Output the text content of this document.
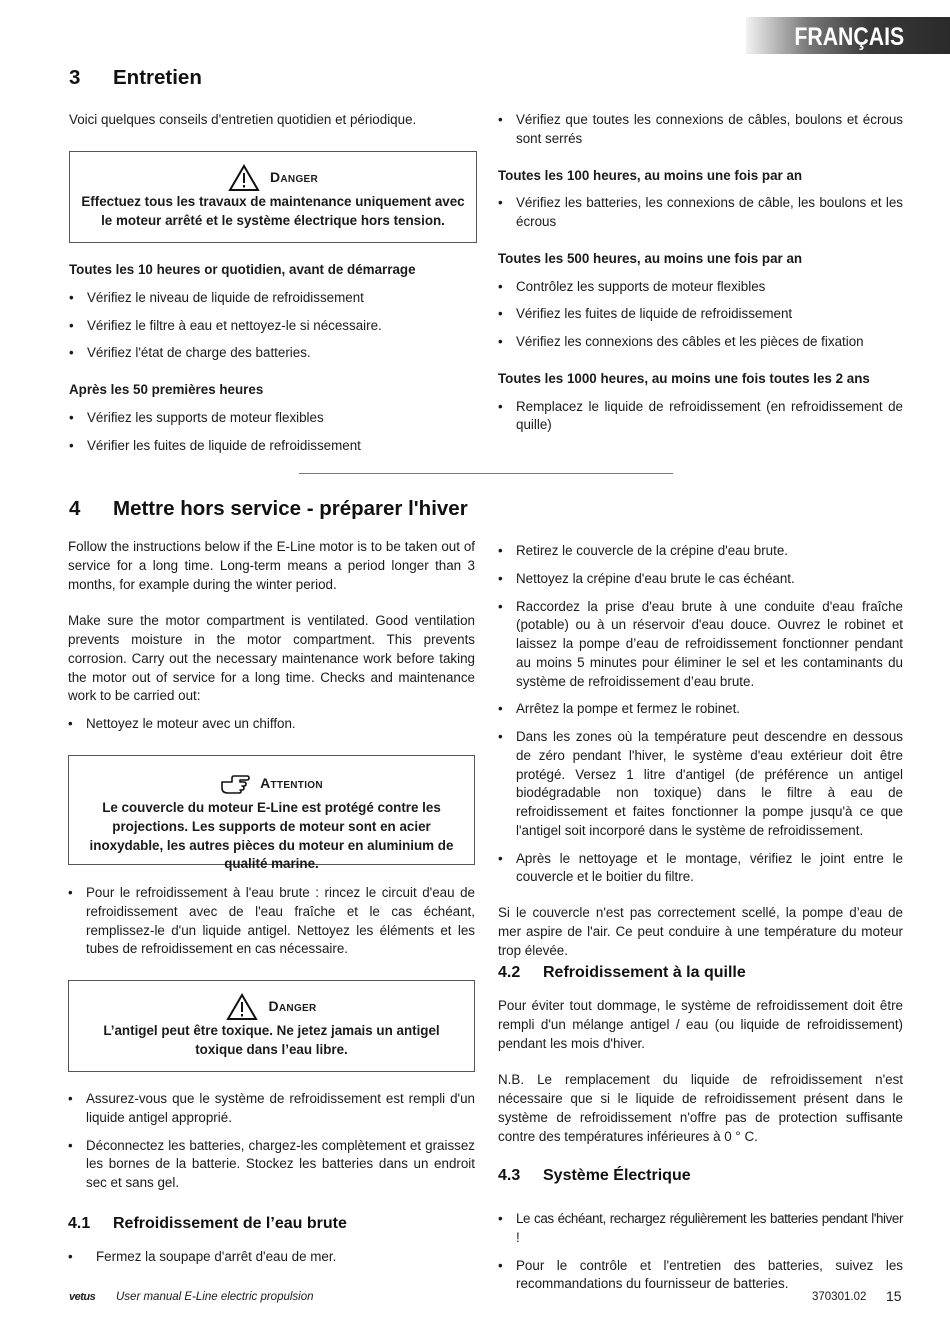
FRANÇAIS
3 Entretien

Voici quelques conseils d'entretien quotidien et périodique.

Danger

Effectuez tous les travaux de maintenance uniquement avec le moteur arrêté et le système électrique hors tension.

Toutes les 10 heures or quotidien, avant de démarrage

• Vérifiez le niveau de liquide de refroidissement
• Vérifiez le filtre à eau et nettoyez-le si nécessaire.
• Vérifiez l'état de charge des batteries.

Après les 50 premières heures

• Vérifiez les supports de moteur flexibles
• Vérifier les fuites de liquide de refroidissement
• Vérifiez que toutes les connexions de câbles, boulons et écrous sont serrés

Toutes les 100 heures, au moins une fois par an

• Vérifiez les batteries, les connexions de câble, les boulons et les écrous

Toutes les 500 heures, au moins une fois par an

• Contrôlez les supports de moteur flexibles
• Vérifiez les fuites de liquide de refroidissement
• Vérifiez les connexions des câbles et les pièces de fixation

Toutes les 1000 heures, au moins une fois toutes les 2 ans

• Remplacez le liquide de refroidissement (en refroidissement de quille)
4 Mettre hors service - préparer l'hiver

Follow the instructions below if the E-Line motor is to be taken out of service for a long time. Long-term means a period longer than 3 months, for example during the winter period.

Make sure the motor compartment is ventilated. Good ventilation prevents moisture in the motor compartment. This prevents corrosion. Carry out the necessary maintenance work before taking the motor out of service for a long time. Checks and maintenance work to be carried out:

• Nettoyez le moteur avec un chiffon.
Attention

Le couvercle du moteur E-Line est protégé contre les projections. Les supports de moteur sont en acier inoxydable, les autres pièces du moteur en aluminium de qualité marine.

• Pour le refroidissement à l'eau brute : rincez le circuit d'eau de refroidissement avec de l'eau fraîche et le cas échéant, remplissez-le d'un liquide antigel. Nettoyez les éléments et les tubes de refroidissement en cas nécessaire.
Danger

L’antigel peut être toxique. Ne jetez jamais un antigel toxique dans l’eau libre.

• Assurez-vous que le système de refroidissement est rempli d'un liquide antigel approprié.
• Déconnectez les batteries, chargez-les complètement et graissez les bornes de la batterie. Stockez les batteries dans un endroit sec et sans gel.
4.1 Refroidissement de l’eau brute
• Fermez la soupape d'arrêt d'eau de mer.
• Retirez le couvercle de la crépine d'eau brute.
• Nettoyez la crépine d'eau brute le cas échéant.
• Raccordez la prise d'eau brute à une conduite d'eau fraîche (potable) ou à un réservoir d'eau douce. Ouvrez le robinet et laissez la pompe d’eau de refroidissement fonctionner pendant au moins 5 minutes pour éliminer le sel et les contaminants du système de refroidissement d’eau brute.
• Arrêtez la pompe et fermez le robinet.
• Dans les zones où la température peut descendre en dessous de zéro pendant l'hiver, le système d'eau extérieur doit être protégé. Versez 1 litre d'antigel (de préférence un antigel biodégradable non toxique) dans le filtre à eau de refroidissement et faites fonctionner la pompe jusqu'à ce que l'antigel soit incorporé dans le système de refroidissement.
• Après le nettoyage et le montage, vérifiez le joint entre le couvercle et le boitier du filtre.

Si le couvercle n'est pas correctement scellé, la pompe d’eau de mer aspire de l'air. Ce peut conduire à une température du moteur trop élevée.

4.2 Refroidissement à la quille

Pour éviter tout dommage, le système de refroidissement doit être rempli d'un mélange antigel / eau (ou liquide de refroidissement) pendant les mois d'hiver.

N.B. Le remplacement du liquide de refroidissement n'est nécessaire que si le liquide de refroidissement présent dans le système de refroidissement n'offre pas de protection suffisante contre des températures inférieures à 0 ° C.

4.3 Système Électrique
• Le cas échéant, rechargez régulièrement les batteries pendant l'hiver !
• Pour le contrôle et l'entretien des batteries, suivez les recommandations du fournisseur de batteries.
vetus User manual E-Line electric propulsion	370301.02 15
